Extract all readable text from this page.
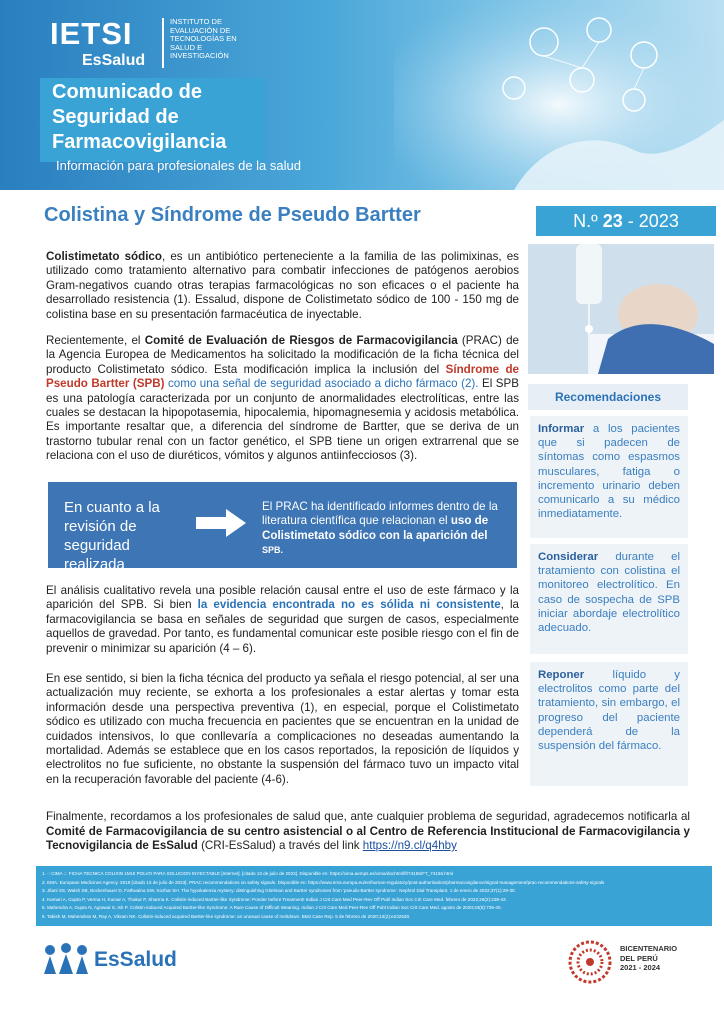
IETSI
EsSalud
INSTITUTO DE EVALUACIÓN DE TECNOLOGÍAS EN SALUD E INVESTIGACIÓN
Comunicado de
Seguridad de
Farmacovigilancia
Información para profesionales de la salud
Colistina y Síndrome de Pseudo Bartter	N.º 23 - 2023
Colistimetato sódico, es un antibiótico perteneciente a la familia de las polimixinas, es utilizado como tratamiento alternativo para combatir infecciones de patógenos aerobios Gram-negativos cuando otras terapias farmacológicas no son eficaces o el paciente ha desarrollado resistencia (1). Essalud, dispone de Colistimetato sódico de 100 - 150 mg de colistina base en su presentación farmacéutica de inyectable.
Recientemente, el Comité de Evaluación de Riesgos de Farmacovigilancia (PRAC) de la Agencia Europea de Medicamentos ha solicitado la modificación de la ficha técnica del producto Colistimetato sódico. Esta modificación implica la inclusión del Síndrome de Pseudo Bartter (SPB) como una señal de seguridad asociado a dicho fármaco (2). El SPB es una patología caracterizada por un conjunto de anormalidades electrolíticas, entre las cuales se destacan la hipopotasemia, hipocalemia, hipomagnesemia y acidosis metabólica. Es importante resaltar que, a diferencia del síndrome de Bartter, que se deriva de un trastorno tubular renal con un factor genético, el SPB tiene un origen extrarrenal que se relaciona con el uso de diuréticos, vómitos y algunos antiinfecciosos (3).
En cuanto a la revisión de seguridad realizada
El PRAC ha identificado informes dentro de la literatura científica que relacionan el uso de Colistimetato sódico con la aparición del SPB.
El análisis cualitativo revela una posible relación causal entre el uso de este fármaco y la aparición del SPB. Si bien la evidencia encontrada no es sólida ni consistente, la farmacovigilancia se basa en señales de seguridad que surgen de casos, especialmente aquellos de gravedad. Por tanto, es fundamental comunicar este posible riesgo con el fin de prevenir o minimizar su aparición (4 – 6).
En ese sentido, si bien la ficha técnica del producto ya señala el riesgo potencial, al ser una actualización muy reciente, se exhorta a los profesionales a estar alertas y tomar esta información desde una perspectiva preventiva (1), en especial, porque el Colistimetato sódico es utilizado con mucha frecuencia en pacientes que se encuentran en la unidad de cuidados intensivos, lo que conllevaría a complicaciones no deseadas aumentando la mortalidad. Además se establece que en los casos reportados, la reposición de líquidos y electrolitos no fue suficiente, no obstante la suspensión del fármaco tuvo un impacto vital en la recuperación favorable del paciente (4-6).
Recomendaciones
Informar a los pacientes que si padecen de síntomas como espasmos musculares, fatiga o incremento urinario deben comunicarlo a su médico inmediatamente.
Considerar durante el tratamiento con colistina el monitoreo electrolítico. En caso de sospecha de SPB iniciar abordaje electrolítico adecuado.
Reponer líquido y electrolitos como parte del tratamiento, sin embargo, el progreso del paciente dependerá de la suspensión del fármaco.
Finalmente, recordamos a los profesionales de salud que, ante cualquier problema de seguridad, agradecemos notificarla al Comité de Farmacovigilancia de su centro asistencial o al Centro de Referencia Institucional de Farmacovigilancia y Tecnovigilancia de EsSalud (CRI-EsSalud) a través del link https://n9.cl/q4hby
1. -: CIMA :.: FICHA TECNICA COLIXIN 1MUI POLVO PARA SOLUCION INYECTABLE [Internet]. [citado 13 de julio de 2023]. Disponible en: https://cima.aemps.es/cima/dochtml/ft/74156/FT_74156.html
2. EMA. European Medicines Agency. 2019 [citado 13 de julio de 2023]. PRAC recommendations on safety signals. Disponible en: https://www.ema.europa.eu/en/human-regulatory/post-authorisation/pharmacovigilance/signal-management/prac-recommendations-safety-signals
3. Jilani SS, Walsh SB, Bockenhauer D, Fathwalna SW, Kozhar SH. The hypokalemia mystery: distinguishing Gitelman and Bartter syndromes from 'pseudo-Bartter syndrome'. Nephrol Dial Transplant. 1 de enero de 2022;37(1):29-30.
4. Kamari A, Gupta P, Verma H, Kumar A, Thakur P, Sharma K. Colistin-induced Bartter-like Syndrome: Ponder before Treatment! Indian J Crit Care Med Peer-Rev Off Publ Indian Soc Crit Care Med. febrero de 2022;26(2):239-43.
5. Mahendra A, Gupta N, Agrawal S, Ish P. Colistin-induced Acquired Bartter-like Syndrome: A Rare Cause of Difficult Weaning. Indian J Crit Care Med Peer-Rev Off Publ Indian Soc Crit Care Med. agosto de 2020;24(8):739-40.
6. Tabish M, Mahendran M, Ray A, Vikram NK. Colistin-induced acquired Bartter-like syndrome: an unusual cause of meltdown. BMJ Case Rep. 5 de febrero de 2020;13(2):e232630.
EsSalud	BICENTENARIO
DEL PERÚ
2021 - 2024
